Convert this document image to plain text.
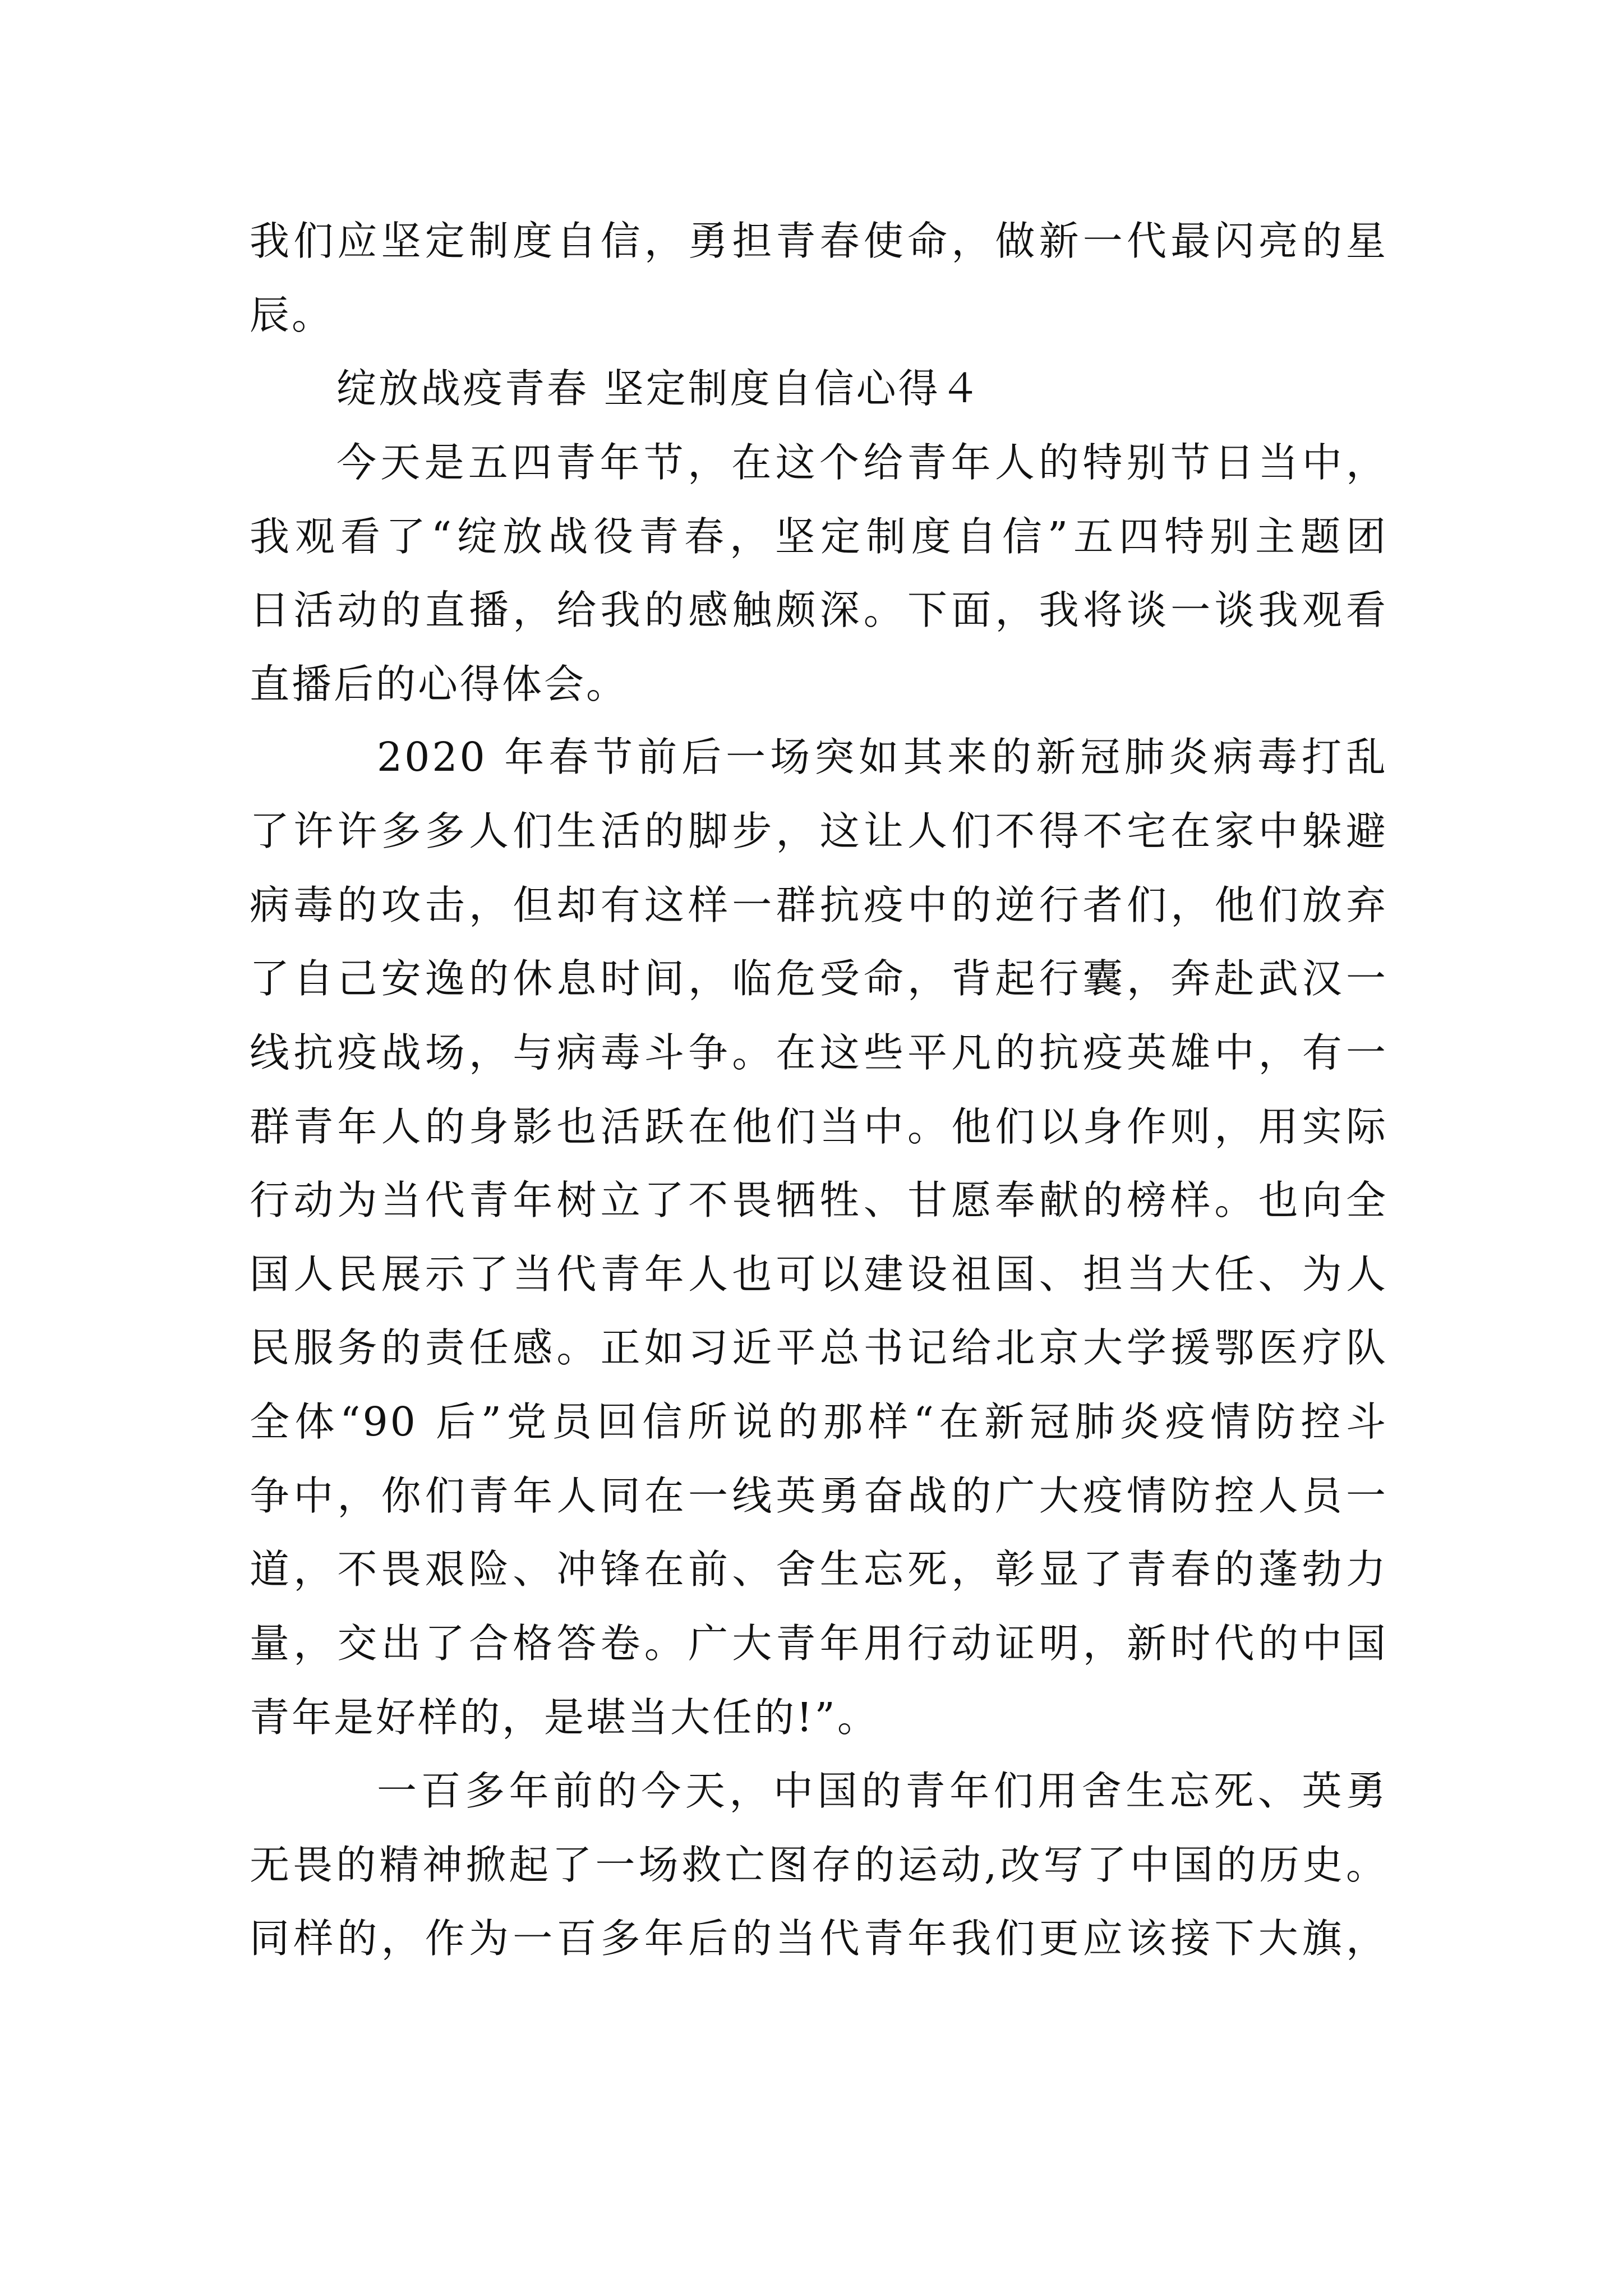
我们应坚定制度自信，勇担青春使命，做新一代最闪亮的星
辰。
绽放战疫青春 坚定制度自信心得４
今天是五四青年节，在这个给青年人的特别节日当中，
我观看了“绽放战役青春，坚定制度自信”五四特别主题团
日活动的直播，给我的感触颇深。下面，我将谈一谈我观看
直播后的心得体会。
2020 年春节前后一场突如其来的新冠肺炎病毒打乱
了许许多多人们生活的脚步，这让人们不得不宅在家中躲避
病毒的攻击，但却有这样一群抗疫中的逆行者们，他们放弃
了自己安逸的休息时间，临危受命，背起行囊，奔赴武汉一
线抗疫战场，与病毒斗争。在这些平凡的抗疫英雄中，有一
群青年人的身影也活跃在他们当中。他们以身作则，用实际
行动为当代青年树立了不畏牺牲、甘愿奉献的榜样。也向全
国人民展示了当代青年人也可以建设祖国、担当大任、为人
民服务的责任感。正如习近平总书记给北京大学援鄂医疗队
全体“90 后”党员回信所说的那样“在新冠肺炎疫情防控斗
争中，你们青年人同在一线英勇奋战的广大疫情防控人员一
道，不畏艰险、冲锋在前、舍生忘死，彰显了青春的蓬勃力
量，交出了合格答卷。广大青年用行动证明，新时代的中国
青年是好样的，是堪当大任的!”。
一百多年前的今天，中国的青年们用舍生忘死、英勇
无畏的精神掀起了一场救亡图存的运动,改写了中国的历史。
同样的，作为一百多年后的当代青年我们更应该接下大旗，
